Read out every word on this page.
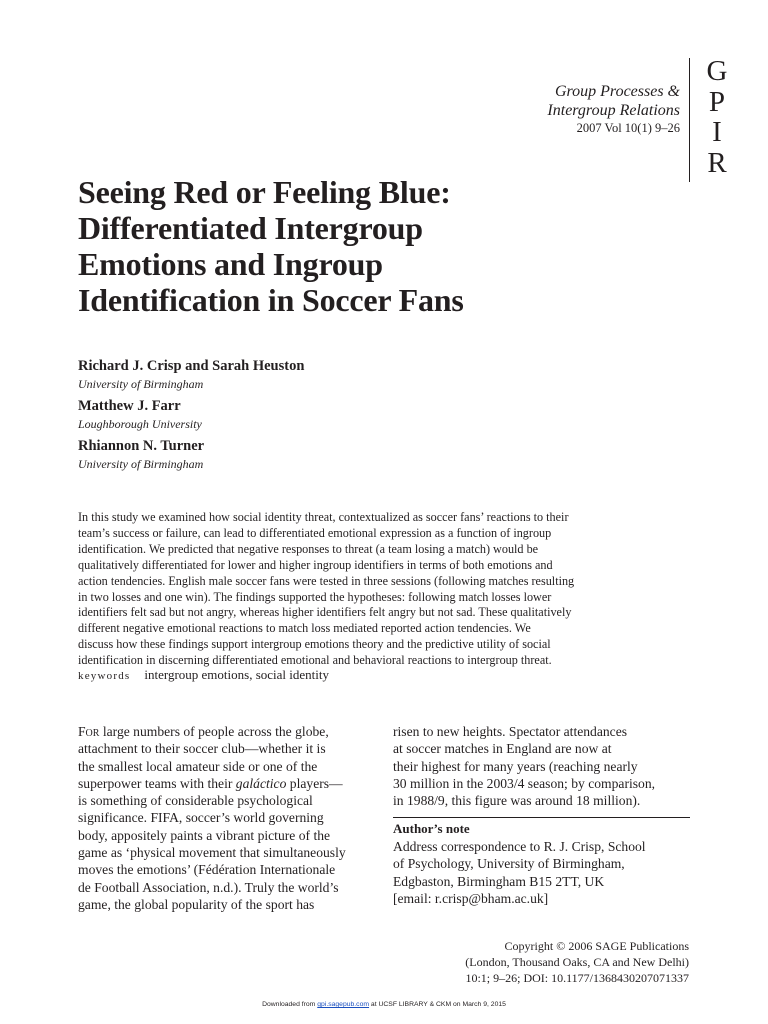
Group Processes &
Intergroup Relations
2007 Vol 10(1) 9–26
G
P
I
R
Seeing Red or Feeling Blue:
Differentiated Intergroup
Emotions and Ingroup
Identification in Soccer Fans
Richard J. Crisp and Sarah Heuston
University of Birmingham
Matthew J. Farr
Loughborough University
Rhiannon N. Turner
University of Birmingham
In this study we examined how social identity threat, contextualized as soccer fans’ reactions to their
team’s success or failure, can lead to differentiated emotional expression as a function of ingroup
identification. We predicted that negative responses to threat (a team losing a match) would be
qualitatively differentiated for lower and higher ingroup identifiers in terms of both emotions and
action tendencies. English male soccer fans were tested in three sessions (following matches resulting
in two losses and one win). The findings supported the hypotheses: following match losses lower
identifiers felt sad but not angry, whereas higher identifiers felt angry but not sad. These qualitatively
different negative emotional reactions to match loss mediated reported action tendencies. We
discuss how these findings support intergroup emotions theory and the predictive utility of social
identification in discerning differentiated emotional and behavioral reactions to intergroup threat.
keywords intergroup emotions, social identity
For large numbers of people across the globe,
attachment to their soccer club—whether it is
the smallest local amateur side or one of the
superpower teams with their galáctico players—
is something of considerable psychological
significance. FIFA, soccer’s world governing
body, appositely paints a vibrant picture of the
game as ‘physical movement that simultaneously
moves the emotions’ (Fédération Internationale
de Football Association, n.d.). Truly the world’s
game, the global popularity of the sport has
risen to new heights. Spectator attendances
at soccer matches in England are now at
their highest for many years (reaching nearly
30 million in the 2003/4 season; by comparison,
in 1988/9, this figure was around 18 million).
Author’s note
Address correspondence to R. J. Crisp, School
of Psychology, University of Birmingham,
Edgbaston, Birmingham B15 2TT, UK
[email: r.crisp@bham.ac.uk]
Copyright © 2006 SAGE Publications
(London, Thousand Oaks, CA and New Delhi)
10:1; 9–26; DOI: 10.1177/1368430207071337
Downloaded from gpi.sagepub.com at UCSF LIBRARY & CKM on March 9, 2015
